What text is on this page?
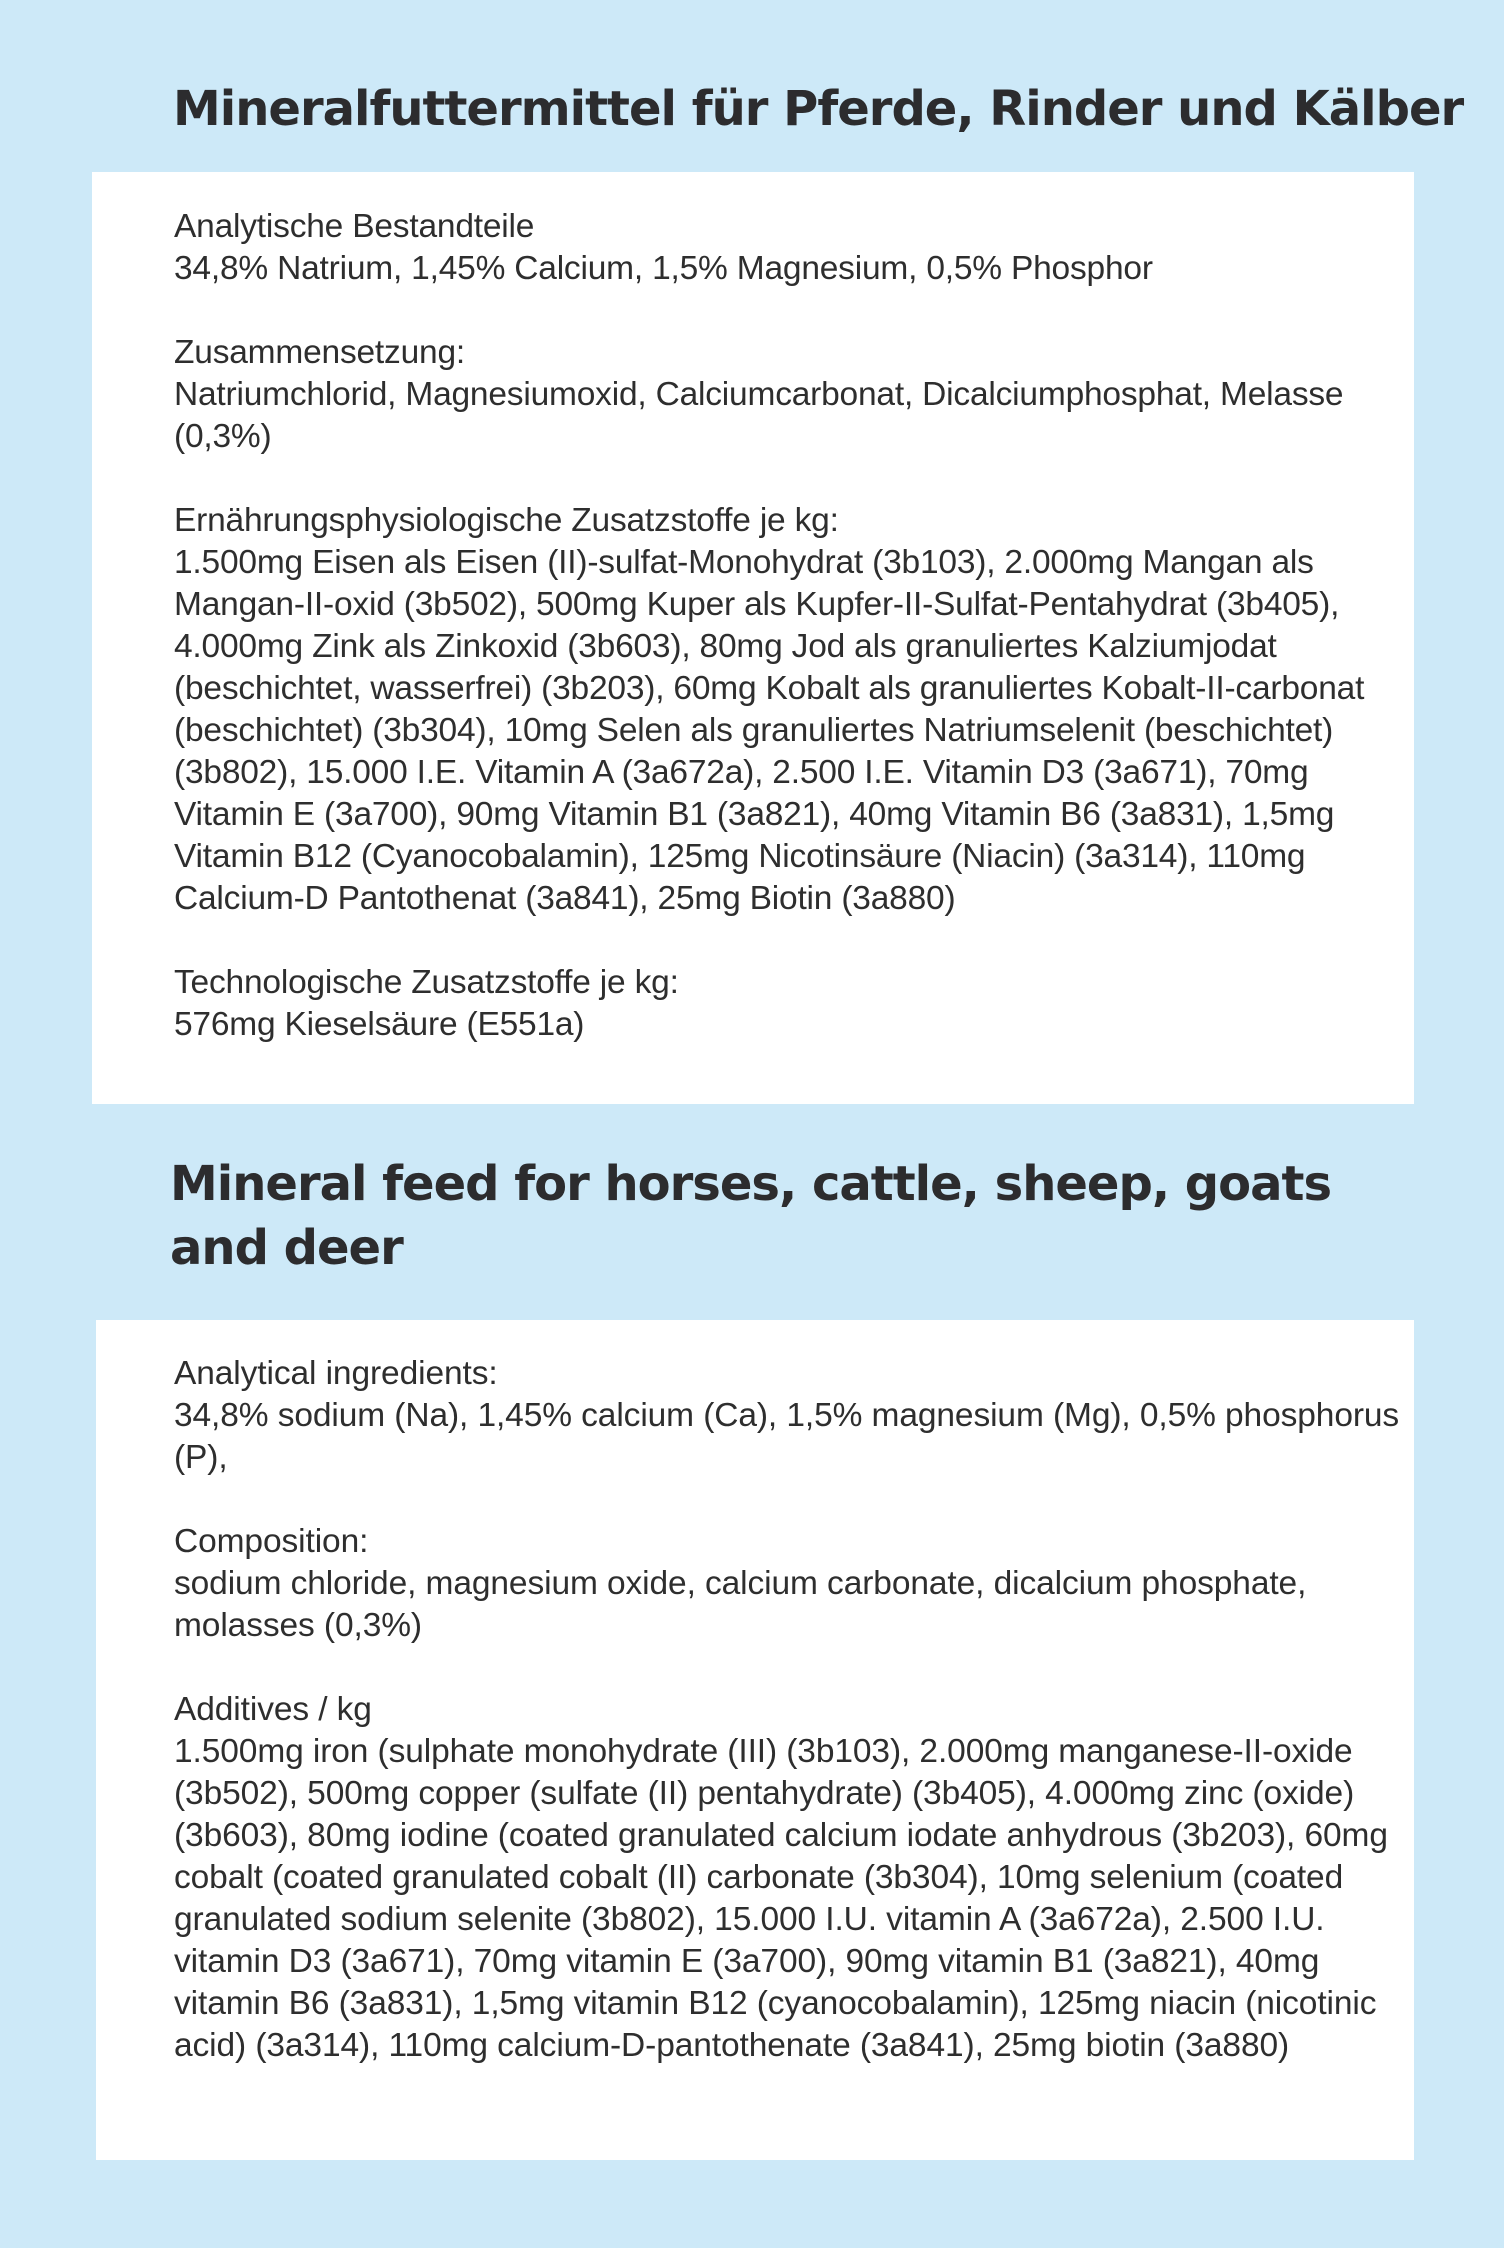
Mineralfuttermittel für Pferde, Rinder und Kälber

Analytische Bestandteile

34,8% Natrium, 1,45% Calcium, 1,5% Magnesium, 0,5% Phosphor

Zusammensetzung:

Natriumchlorid, Magnesiumoxid, Calciumcarbonat, Dicalciumphosphat, Melasse (0,3%)

Ernährungsphysiologische Zusatzstoffe je kg:

1.500mg Eisen als Eisen (II)-sulfat-Monohydrat (3b103), 2.000mg Mangan als Mangan-II-oxid (3b502), 500mg Kuper als Kupfer-II-Sulfat-Pentahydrat (3b405), 4.000mg Zink als Zinkoxid (3b603), 80mg Jod als granuliertes Kalziumjodat (beschichtet, wasserfrei) (3b203), 60mg Kobalt als granuliertes Kobalt-II-carbonat (beschichtet) (3b304), 10mg Selen als granuliertes Natriumselenit (beschichtet) (3b802), 15.000 I.E. Vitamin A (3a672a), 2.500 I.E. Vitamin D3 (3a671), 70mg Vitamin E (3a700), 90mg Vitamin B1 (3a821), 40mg Vitamin B6 (3a831), 1,5mg Vitamin B12 (Cyanocobalamin), 125mg Nicotinsäure (Niacin) (3a314), 110mg Calcium-D Pantothenat (3a841), 25mg Biotin (3a880)

Technologische Zusatzstoffe je kg:

576mg Kieselsäure (E551a)

Mineral feed for horses, cattle, sheep, goats and deer

Analytical ingredients:

34,8% sodium (Na), 1,45% calcium (Ca), 1,5% magnesium (Mg), 0,5% phosphorus (P),

Composition:

sodium chloride, magnesium oxide, calcium carbonate, dicalcium phosphate, molasses (0,3%)

Additives / kg

1.500mg iron (sulphate monohydrate (III) (3b103), 2.000mg manganese-II-oxide (3b502), 500mg copper (sulfate (II) pentahydrate) (3b405), 4.000mg zinc (oxide) (3b603), 80mg iodine (coated granulated calcium iodate anhydrous (3b203), 60mg cobalt (coated granulated cobalt (II) carbonate (3b304), 10mg selenium (coated granulated sodium selenite (3b802), 15.000 I.U. vitamin A (3a672a), 2.500 I.U. vitamin D3 (3a671), 70mg vitamin E (3a700), 90mg vitamin B1 (3a821), 40mg vitamin B6 (3a831), 1,5mg vitamin B12 (cyanocobalamin), 125mg niacin (nicotinic acid) (3a314), 110mg calcium-D-pantothenate (3a841), 25mg biotin (3a880)
